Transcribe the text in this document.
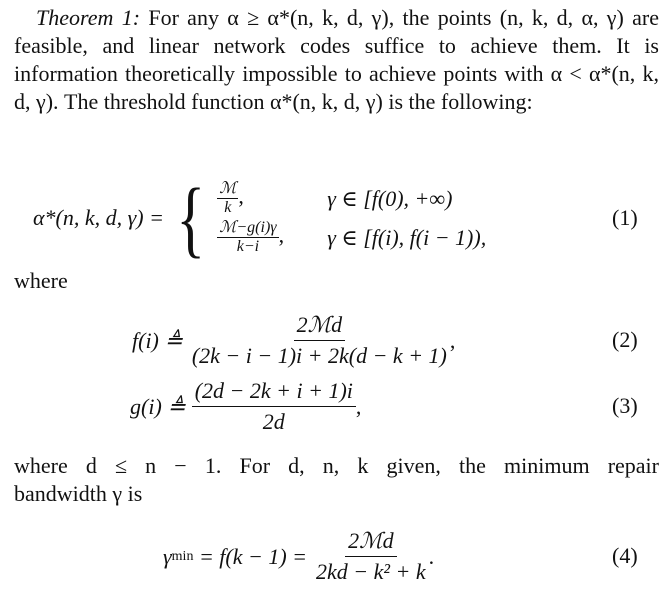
Theorem 1: For any α ≥ α*(n, k, d, γ), the points (n, k, d, α, γ) are feasible, and linear network codes suffice to achieve them. It is information theoretically impossible to achieve points with α < α*(n, k, d, γ). The threshold function α*(n, k, d, γ) is the following:
α*(n, k, d, γ) = { $\frac{\text{ℳ}}{k}$ ,	γ ∈ [f(0), +∞)
$\frac{\text{ℳ−g(i)γ}}{k-i}$ ,	γ ∈ [f(i), f(i − 1)),
(1)
where
f(i) ≜ $\frac{\text{2ℳd}}{(2k - i - 1)i + 2k(d - k + 1)}$ ,	(2)
g(i) ≜ $\frac{(2d - 2k + i + 1)i}{2d}$ ,	(3)
where d ≤ n − 1. For d, n, k given, the minimum repair
bandwidth γ is
γ $\min = f(k - 1) = \frac{\text{2ℳd}}{\text{2kd − k² + k}}$ .	(4)
